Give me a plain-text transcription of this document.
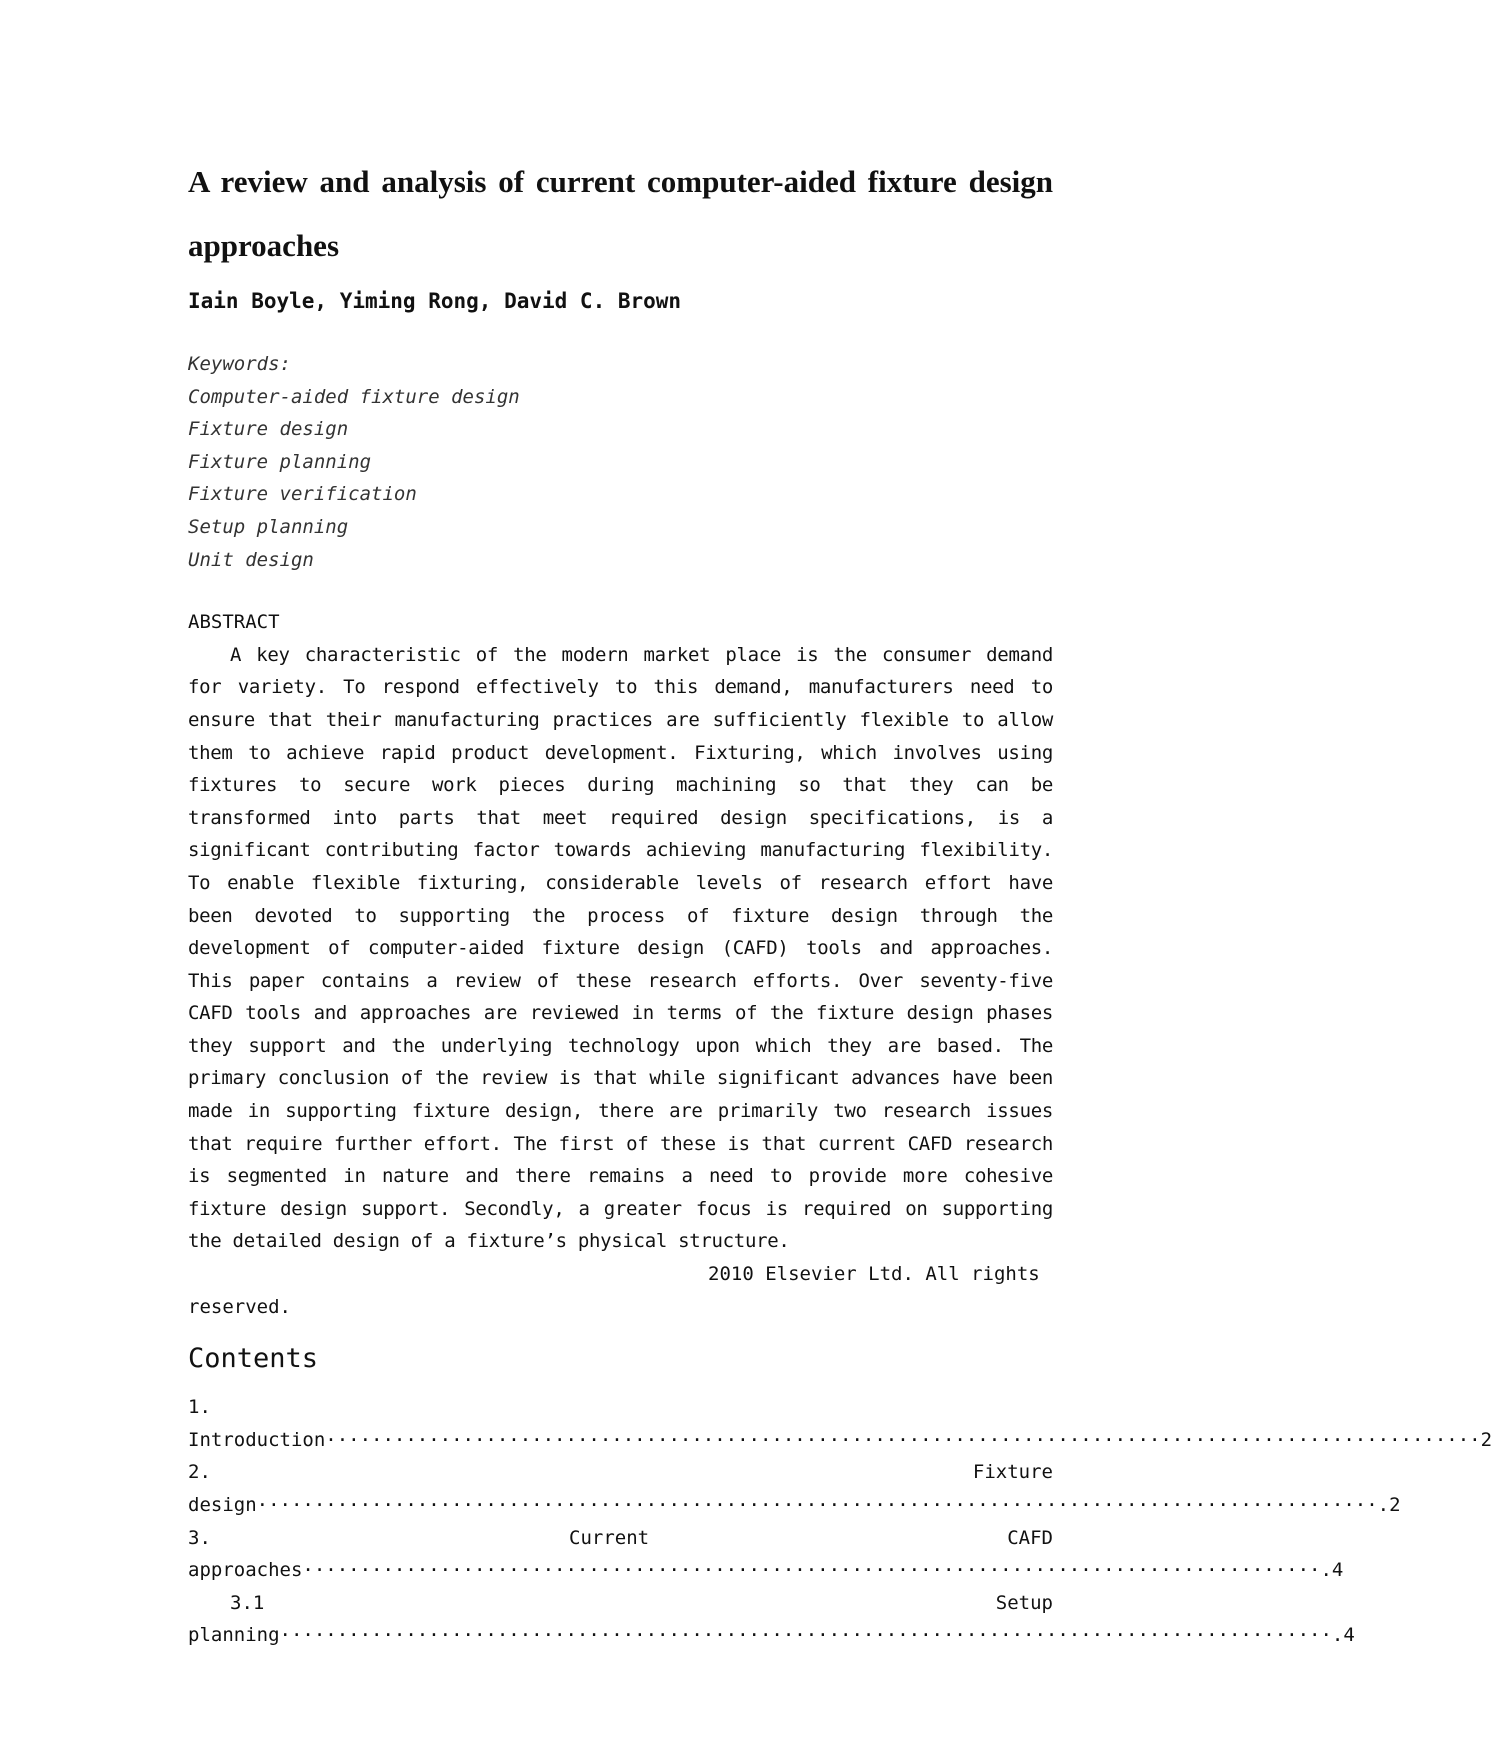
A review and analysis of current computer-aided fixture design approaches
Iain Boyle, Yiming Rong, David C. Brown
Keywords:
Computer-aided fixture design
Fixture design
Fixture planning
Fixture verification
Setup planning
Unit design
ABSTRACT

A key characteristic of the modern market place is the consumer demand for variety. To respond effectively to this demand, manufacturers need to ensure that their manufacturing practices are sufficiently flexible to allow them to achieve rapid product development. Fixturing, which involves using fixtures to secure work pieces during machining so that they can be transformed into parts that meet required design specifications, is a significant contributing factor towards achieving manufacturing flexibility. To enable flexible fixturing, considerable levels of research effort have been devoted to supporting the process of fixture design through the development of computer-aided fixture design (CAFD) tools and approaches. This paper contains a review of these research efforts. Over seventy-five CAFD tools and approaches are reviewed in terms of the fixture design phases they support and the underlying technology upon which they are based. The primary conclusion of the review is that while significant advances have been made in supporting fixture design, there are primarily two research issues that require further effort. The first of these is that current CAFD research is segmented in nature and there remains a need to provide more cohesive fixture design support. Secondly, a greater focus is required on supporting the detailed design of a fixture’s physical structure.

2010 Elsevier Ltd. All rights
reserved.
Contents
1.
Introduction ····································································································· 2
2.	Fixture
design ·································································································· .2
3.	Current	CAFD
approaches ························································································· .4
3.1	Setup
planning ···························································································· .4
